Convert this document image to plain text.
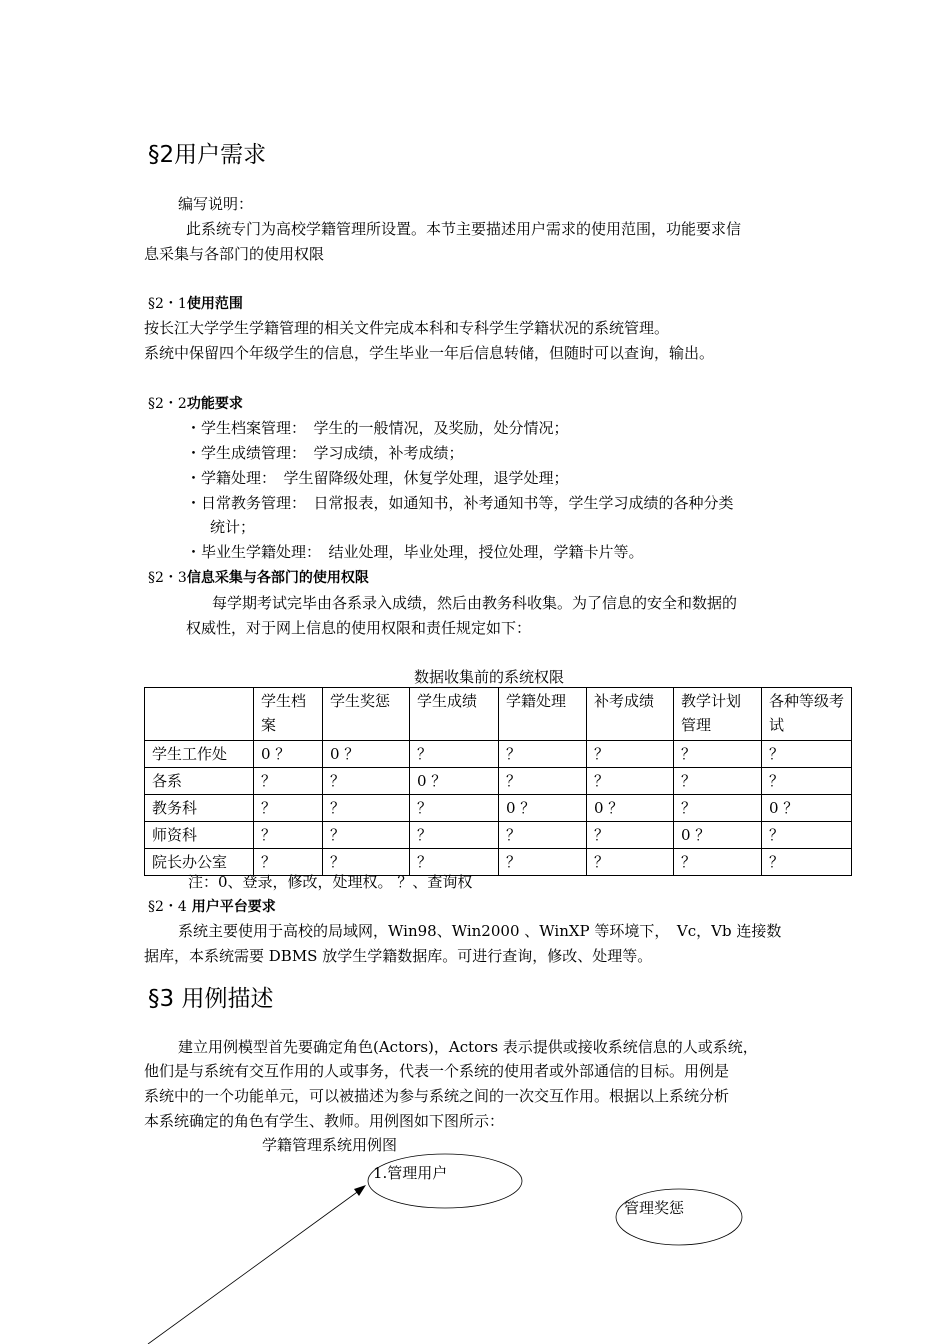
§2用户需求
编写说明：
此系统专门为高校学籍管理所设置。本节主要描述用户需求的使用范围，功能要求信
息采集与各部门的使用权限
§2・1使用范围
按长江大学学生学籍管理的相关文件完成本科和专科学生学籍状况的系统管理。
系统中保留四个年级学生的信息，学生毕业一年后信息转储，但随时可以查询，输出。
§2・2功能要求
・学生档案管理：　学生的一般情况，及奖励，处分情况；
・学生成绩管理：　学习成绩，补考成绩；
・学籍处理：　学生留降级处理，休复学处理，退学处理；
・日常教务管理：　日常报表，如通知书，补考通知书等，学生学习成绩的各种分类
统计；
・毕业生学籍处理：　结业处理，毕业处理，授位处理，学籍卡片等。
§2・3信息采集与各部门的使用权限
每学期考试完毕由各系录入成绩，然后由教务科收集。为了信息的安全和数据的
权威性，对于网上信息的使用权限和责任规定如下：
数据收集前的系统权限
	学生档案	学生奖惩	学生成绩	学籍处理	补考成绩	教学计划管理	各种等级考试
学生工作处	0 ？	0 ？	？	？	？	？	？
各系	？	？	0 ？	？	？	？	？
教务科	？	？	？	0 ？	0 ？	？	0 ？
师资科	？	？	？	？	？	0 ？	？
院长办公室	？	？	？	？	？	？	？
注：0、登录，修改，处理权。 ？、查询权
§2・4 用户平台要求
系统主要使用于高校的局域网，Win98、Win2000 、WinXP 等环境下，　Vc，Vb 连接数
据库，本系统需要 DBMS 放学生学籍数据库。可进行查询，修改、处理等。
§3 用例描述
建立用例模型首先要确定角色(Actors)，Actors 表示提供或接收系统信息的人或系统，
他们是与系统有交互作用的人或事务，代表一个系统的使用者或外部通信的目标。用例是
系统中的一个功能单元，可以被描述为参与系统之间的一次交互作用。根据以上系统分析
本系统确定的角色有学生、教师。用例图如下图所示：
学籍管理系统用例图
1.管理用户
管理奖惩
